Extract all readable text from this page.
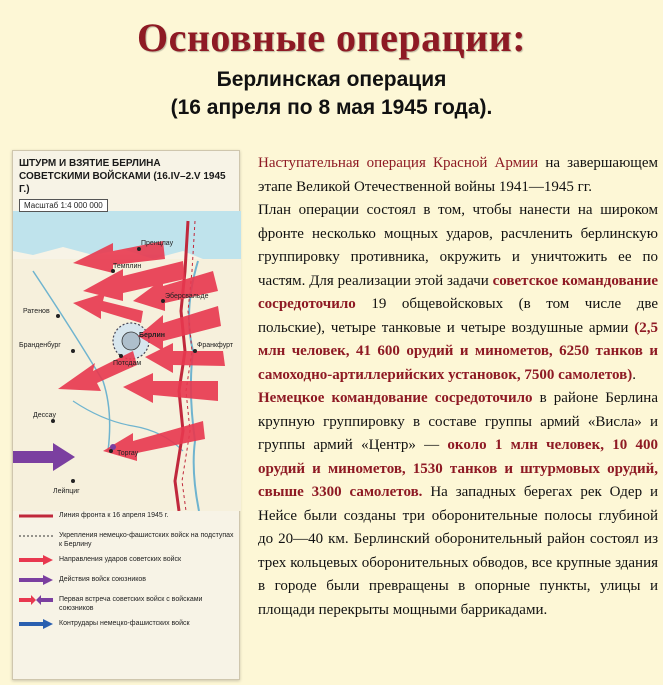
Основные операции:
Берлинская операция
(16 апреля по 8 мая 1945 года).
Пренцлау
Темплин
Эберсвальде
Ратенов
Бранденбург
Берлин
Потсдам
Франкфурт
Дессау
Торгау
Лейпциг
ШТУРМ И ВЗЯТИЕ БЕРЛИНА СОВЕТСКИМИ ВОЙСКАМИ (16.IV–2.V 1945 Г.)
Масштаб 1:4 000 000
Линия фронта к 16 апреля 1945 г.
Укрепления немецко-фашистских войск на подступах к Берлину
Направления ударов советских войск
Действия войск союзников
Первая встреча советских войск с войсками союзников
Контрудары немецко-фашистских войск

Наступательная операция Красной Армии на завершающем этапе Великой Отечественной войны 1941—1945 гг.

План операции состоял в том, чтобы нанести на широком фронте несколько мощных ударов, расчленить берлинскую группировку противника, окружить и уничтожить ее по частям. Для реализации этой задачи советское командование сосредоточило 19 общевойсковых (в том числе две польские), четыре танковые и четыре воздушные армии (2,5 млн человек, 41 600 орудий и минометов, 6250 танков и самоходно-артиллерийских установок, 7500 самолетов).

Немецкое командование сосредоточило в районе Берлина крупную группировку в составе группы армий «Висла» и группы армий «Центр» — около 1 млн человек, 10 400 орудий и минометов, 1530 танков и штурмовых орудий, свыше 3300 самолетов. На западных берегах рек Одер и Нейсе были созданы три оборонительные полосы глубиной до 20—40 км. Берлинский оборонительный район состоял из трех кольцевых оборонительных обводов, все крупные здания в городе были превращены в опорные пункты, улицы и площади перекрыты мощными баррикадами.
